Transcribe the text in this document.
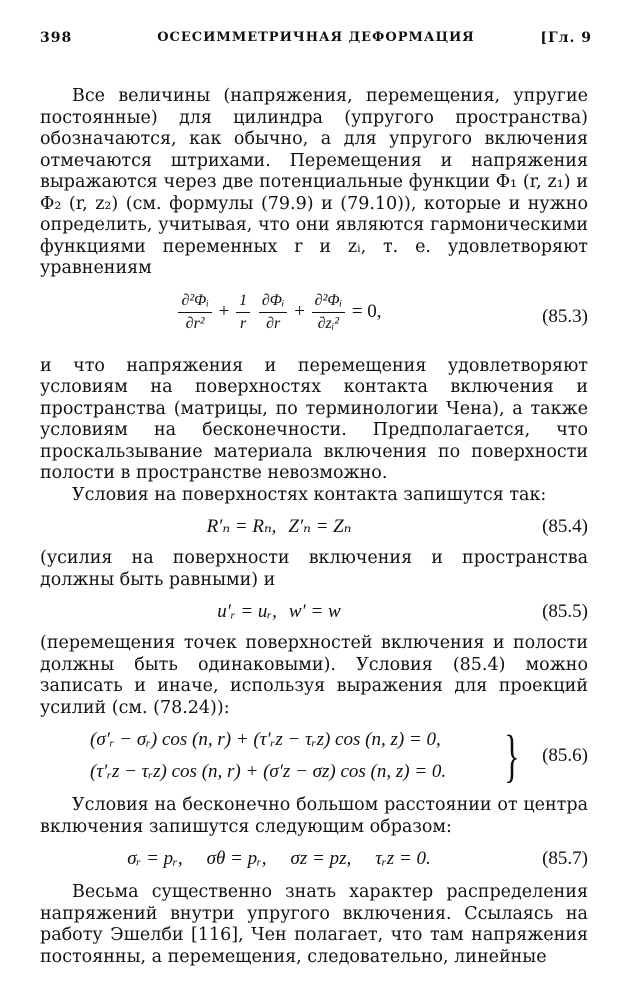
398	ОСЕСИММЕТРИЧНАЯ ДЕФОРМАЦИЯ	[Гл. 9

Все величины (напряжения, перемещения, упругие постоянные) для цилиндра (упругого пространства) обозначаются, как обычно, а для упругого включения отмечаются штрихами. Перемещения и напряжения выражаются через две потенциальные функции Φ₁ (r, z₁) и Φ₂ (r, z₂) (см. формулы (79.9) и (79.10)), которые и нужно определить, учитывая, что они являются гармоническими функциями переменных r и zᵢ, т. е. удовлетворяют уравнениям

$\frac{\text{∂²Φᵢ}}{\text{∂r²}} + \frac{1}{r}$
$\frac{\text{∂Φᵢ}}{\partial r} + \frac{\text{∂²Φᵢ}}{\text{∂zᵢ²}} = 0$,	(85.3)

и что напряжения и перемещения удовлетворяют условиям на поверхностях контакта включения и пространства (матрицы, по терминологии Чена), а также условиям на бесконечности. Предполагается, что проскальзывание материала включения по поверхности полости в пространстве невозможно.

Условия на поверхностях контакта запишутся так:

R′ₙ = Rₙ, Z′ₙ = Zₙ	(85.4)

(усилия на поверхности включения и пространства должны быть равными) и

u′ᵣ = uᵣ, w′ = w	(85.5)

(перемещения точек поверхностей включения и полости должны быть одинаковыми). Условия (85.4) можно записать и иначе, используя выражения для проекций усилий (см. (78.24)):

(σ′ᵣ − σᵣ) cos (n, r) + (τ′ᵣz − τᵣz) cos (n, z) = 0,
(τ′ᵣz − τᵣz) cos (n, r) + (σ′z − σz) cos (n, z) = 0. } (85.6)

Условия на бесконечно большом расстоянии от центра включения запишутся следующим образом:

σᵣ = pᵣ, σθ = pᵣ, σz = pz, τᵣz = 0.	(85.7)

Весьма существенно знать характер распределения напряжений внутри упругого включения. Ссылаясь на работу Эшелби [116], Чен полагает, что там напряжения постоянны, а перемещения, следовательно, линейные
